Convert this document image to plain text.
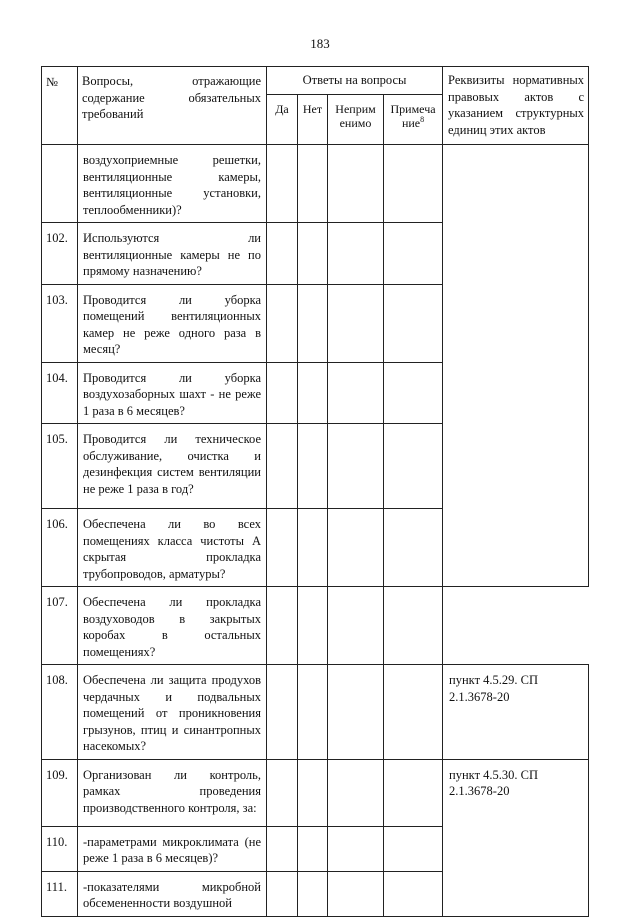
183
№	Вопросы, отражающие содержание обязательных требований	Ответы на вопросы				Реквизиты нормативных правовых актов с указанием структурных единиц этих актов
		Да	Нет	Неприм енимо	Примеча ние$^8$
	воздухоприемные решетки, вентиляционные камеры, вентиляционные установки, теплообменники)?					
102.	Используются ли вентиляционные камеры не по прямому назначению?					
103.	Проводится ли уборка помещений вентиляционных камер не реже одного раза в месяц?					
104.	Проводится ли уборка воздухозаборных шахт - не реже 1 раза в 6 месяцев?					
105.	Проводится ли техническое обслуживание, очистка и дезинфекция систем вентиляции не реже 1 раза в год?					
106.	Обеспечена ли во всех помещениях класса чистоты А скрытая прокладка трубопроводов, арматуры?					
107.	Обеспечена ли прокладка воздуховодов в закрытых коробах в остальных помещениях?					
108.	Обеспечена ли защита продухов чердачных и подвальных помещений от проникновения грызунов, птиц и синантропных насекомых?					пункт 4.5.29. СП 2.1.3678-20
109.	Организован ли контроль, рамках проведения производственного контроля, за:					пункт 4.5.30. СП 2.1.3678-20
110.	-параметрами микроклимата (не реже 1 раза в 6 месяцев)?					
111.	-показателями микробной обсемененности воздушной					
